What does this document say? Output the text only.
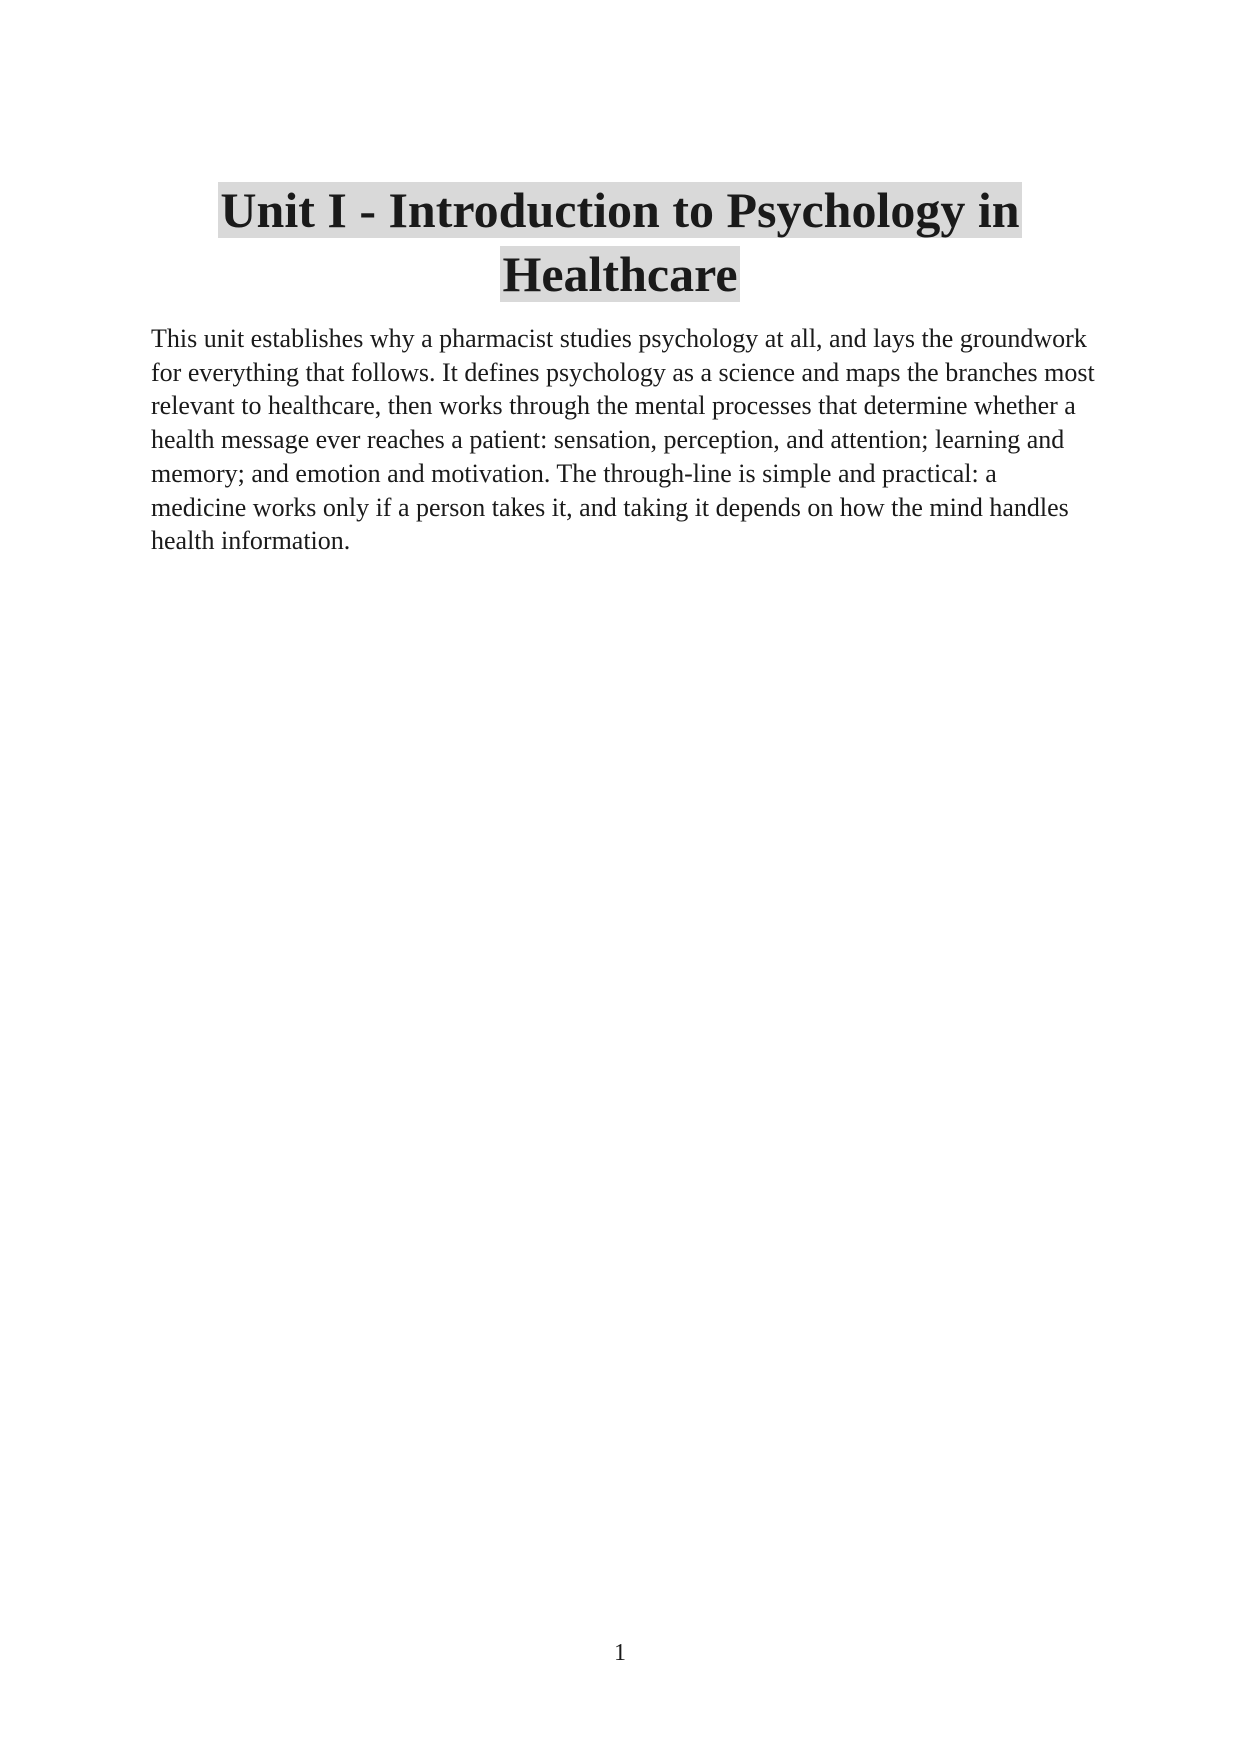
Unit I - Introduction to Psychology in Healthcare

This unit establishes why a pharmacist studies psychology at all, and lays the groundwork for everything that follows. It defines psychology as a science and maps the branches most relevant to healthcare, then works through the mental processes that determine whether a health message ever reaches a patient: sensation, perception, and attention; learning and memory; and emotion and motivation. The through-line is simple and practical: a medicine works only if a person takes it, and taking it depends on how the mind handles health information.

1
